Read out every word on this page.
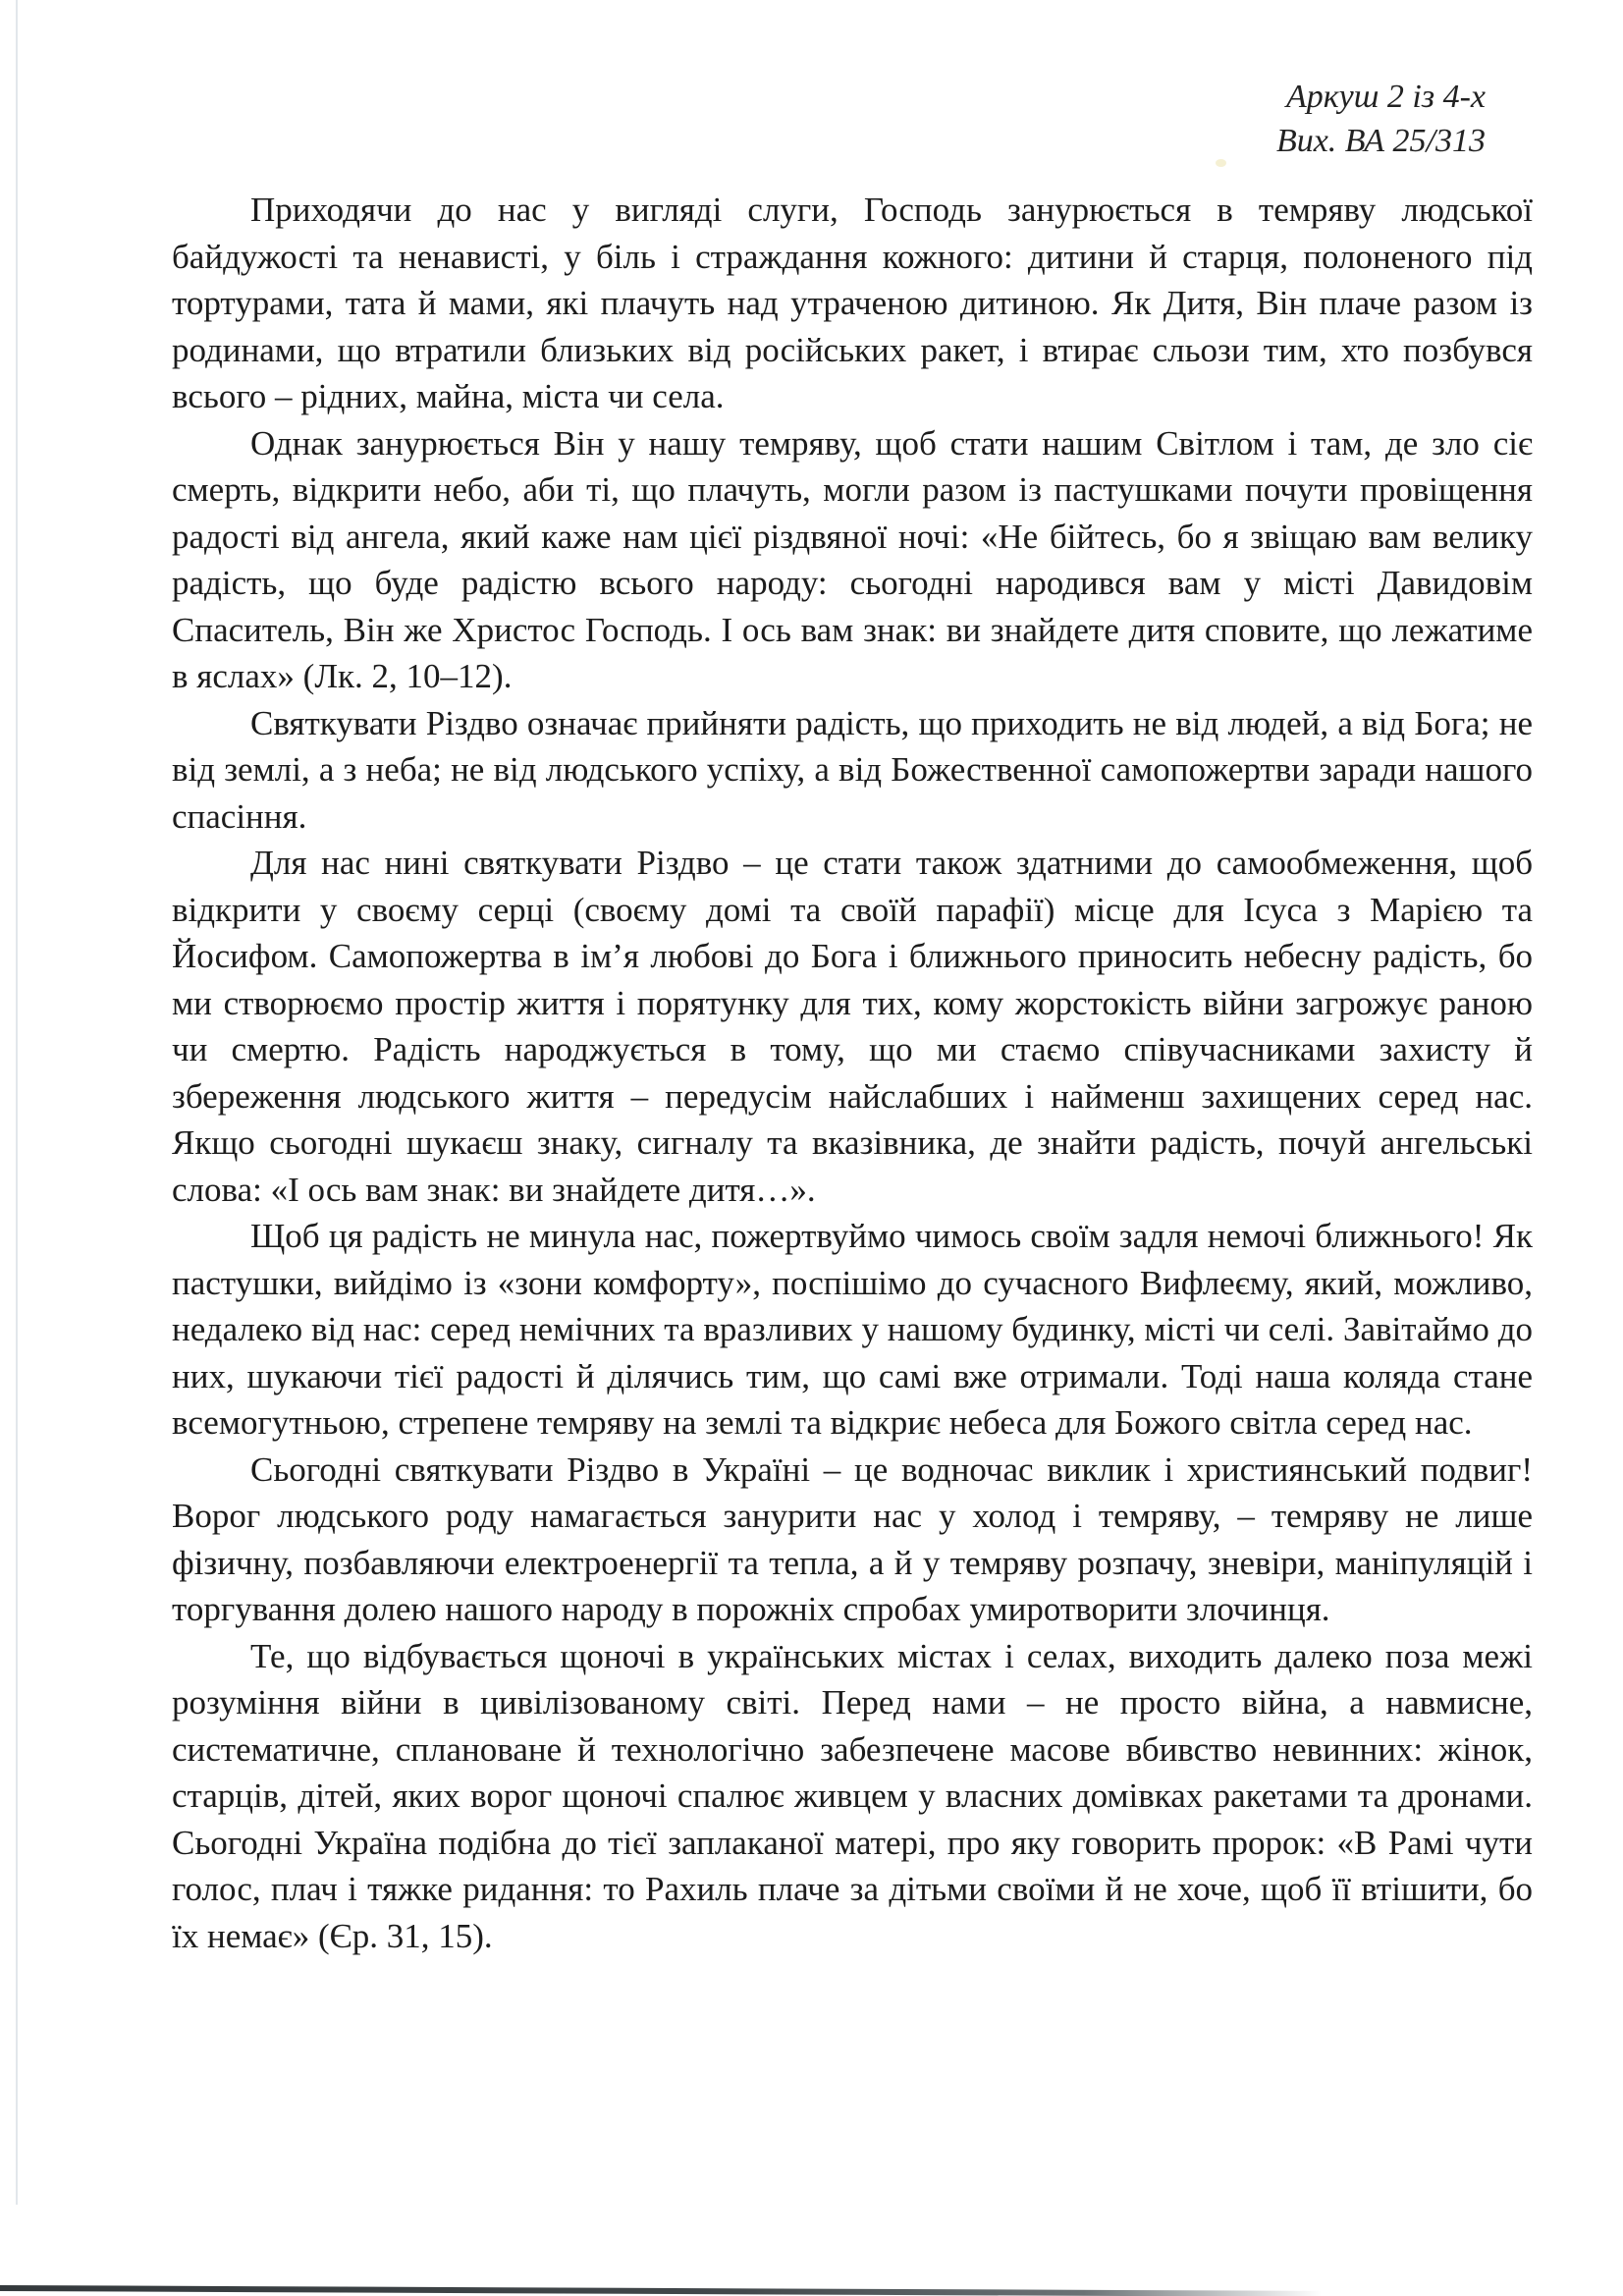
Аркуш 2 із 4-х
Вих. ВА 25/313

Приходячи до нас у вигляді слуги, Господь занурюється в темряву людської байдужості та ненависті, у біль і страждання кожного: дитини й старця, полоненого під тортурами, тата й мами, які плачуть над утраченою дитиною. Як Дитя, Він плаче разом із родинами, що втратили близьких від російських ракет, і втирає сльози тим, хто позбувся всього – рідних, майна, міста чи села.

Однак занурюється Він у нашу темряву, щоб стати нашим Світлом і там, де зло сіє смерть, відкрити небо, аби ті, що плачуть, могли разом із пастушками почути провіщення радості від ангела, який каже нам цієї різдвяної ночі: «Не бійтесь, бо я звіщаю вам велику радість, що буде радістю всього народу: сьогодні народився вам у місті Давидовім Спаситель, Він же Христос Господь. І ось вам знак: ви знайдете дитя сповите, що лежатиме в яслах» (Лк. 2, 10–12).

Святкувати Різдво означає прийняти радість, що приходить не від людей, а від Бога; не від землі, а з неба; не від людського успіху, а від Божественної самопожертви заради нашого спасіння.

Для нас нині святкувати Різдво – це стати також здатними до самообмеження, щоб відкрити у своєму серці (своєму домі та своїй парафії) місце для Ісуса з Марією та Йосифом. Самопожертва в ім’я любові до Бога і ближнього приносить небесну радість, бо ми створюємо простір життя і порятунку для тих, кому жорстокість війни загрожує раною чи смертю. Радість народжується в тому, що ми стаємо співучасниками захисту й збереження людського життя – передусім найслабших і найменш захищених серед нас. Якщо сьогодні шукаєш знаку, сигналу та вказівника, де знайти радість, почуй ангельські слова: «І ось вам знак: ви знайдете дитя…».

Щоб ця радість не минула нас, пожертвуймо чимось своїм задля немочі ближнього! Як пастушки, вийдімо із «зони комфорту», поспішімо до сучасного Вифлеєму, який, можливо, недалеко від нас: серед немічних та вразливих у нашому будинку, місті чи селі. Завітаймо до них, шукаючи тієї радості й ділячись тим, що самі вже отримали. Тоді наша коляда стане всемогутньою, стрепене темряву на землі та відкриє небеса для Божого світла серед нас.

Сьогодні святкувати Різдво в Україні – це водночас виклик і християнський подвиг! Ворог людського роду намагається занурити нас у холод і темряву, – темряву не лише фізичну, позбавляючи електроенергії та тепла, а й у темряву розпачу, зневіри, маніпуляцій і торгування долею нашого народу в порожніх спробах умиротворити злочинця.

Те, що відбувається щоночі в українських містах і селах, виходить далеко поза межі розуміння війни в цивілізованому світі. Перед нами – не просто війна, а навмисне, систематичне, сплановане й технологічно забезпечене масове вбивство невинних: жінок, старців, дітей, яких ворог щоночі спалює живцем у власних домівках ракетами та дронами. Сьогодні Україна подібна до тієї заплаканої матері, про яку говорить пророк: «В Рамі чути голос, плач і тяжке ридання: то Рахиль плаче за дітьми своїми й не хоче, щоб її втішити, бо їх немає» (Єр. 31, 15).
